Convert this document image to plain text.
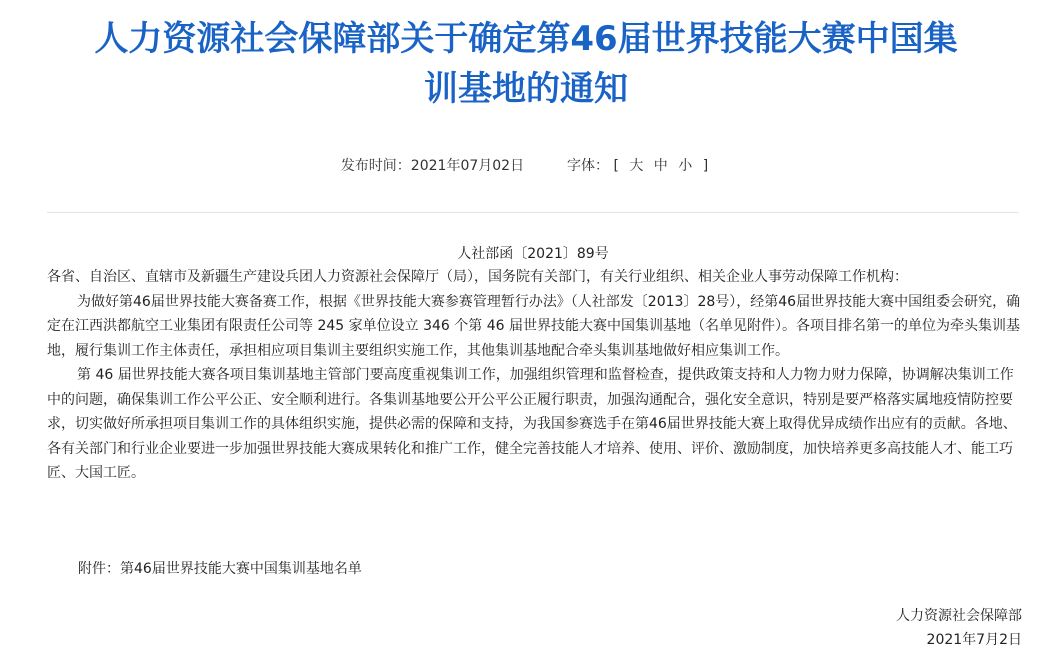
人力资源社会保障部关于确定第46届世界技能大赛中国集
训基地的通知
发布时间：2021年07月02日	字体： [ 大 中 小 ]
人社部函〔2021〕89号

各省、自治区、直辖市及新疆生产建设兵团人力资源社会保障厅（局），国务院有关部门，有关行业组织、相关企业人事劳动保障工作机构：

为做好第46届世界技能大赛备赛工作，根据《世界技能大赛参赛管理暂行办法》（人社部发〔2013〕28号），经第46届世界技能大赛中国组委会研究，确定在江西洪都航空工业集团有限责任公司等 245 家单位设立 346 个第 46 届世界技能大赛中国集训基地（名单见附件）。各项目排名第一的单位为牵头集训基地，履行集训工作主体责任，承担相应项目集训主要组织实施工作，其他集训基地配合牵头集训基地做好相应集训工作。

第 46 届世界技能大赛各项目集训基地主管部门要高度重视集训工作，加强组织管理和监督检查，提供政策支持和人力物力财力保障，协调解决集训工作中的问题，确保集训工作公平公正、安全顺利进行。各集训基地要公开公平公正履行职责，加强沟通配合，强化安全意识，特别是要严格落实属地疫情防控要求，切实做好所承担项目集训工作的具体组织实施，提供必需的保障和支持，为我国参赛选手在第46届世界技能大赛上取得优异成绩作出应有的贡献。各地、各有关部门和行业企业要进一步加强世界技能大赛成果转化和推广工作，健全完善技能人才培养、使用、评价、激励制度，加快培养更多高技能人才、能工巧匠、大国工匠。

附件：第46届世界技能大赛中国集训基地名单
人力资源社会保障部
2021年7月2日
